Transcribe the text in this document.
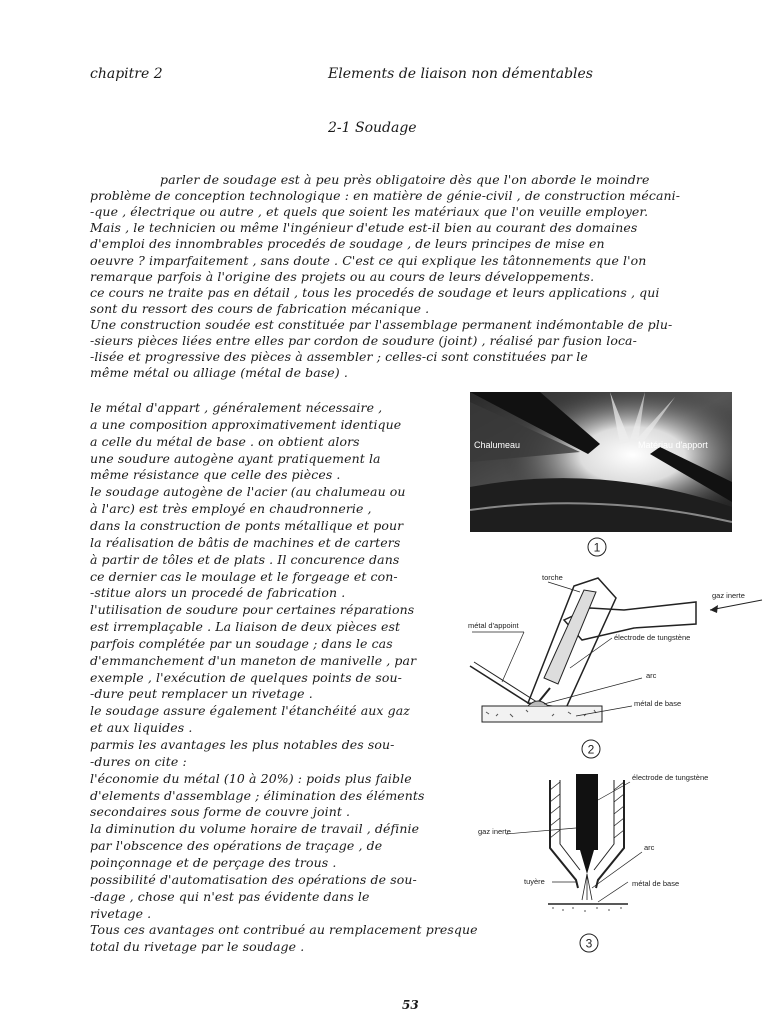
chapitre 2	Elements de liaison non démentables
2-1 Soudage
parler de soudage est à peu près obligatoire dès que l'on aborde le moindre
problème de conception technologique : en matière de génie-civil , de construction mécani-
-que , électrique ou autre , et quels que soient les matériaux que l'on veuille employer.
Mais , le technicien ou même l'ingénieur d'etude est-il bien au courant des domaines
d'emploi des innombrables procedés de soudage , de leurs principes de mise en
oeuvre ? imparfaitement , sans doute . C'est ce qui explique les tâtonnements que l'on
remarque parfois à l'origine des projets ou au cours de leurs développements.
ce cours ne traite pas en détail , tous les procedés de soudage et leurs applications , qui
sont du ressort des cours de fabrication mécanique .
Une construction soudée est constituée par l'assemblage permanent indémontable de plu-
-sieurs pièces liées entre elles par cordon de soudure (joint) , réalisé par fusion loca-
-lisée et progressive des pièces à assembler ; celles-ci sont constituées par le
même métal ou alliage (métal de base) .
le métal d'appart , généralement nécessaire ,
a une composition approximativement identique
a celle du métal de base . on obtient alors
une soudure autogène ayant pratiquement la
même résistance que celle des pièces .
le soudage autogène de l'acier (au chalumeau ou
à l'arc) est très employé en chaudronnerie ,
dans la construction de ponts métallique et pour
la réalisation de bâtis de machines et de carters
à partir de tôles et de plats . Il concurence dans
ce dernier cas le moulage et le forgeage et con-
-stitue alors un procedé de fabrication .
l'utilisation de soudure pour certaines réparations
est irremplaçable . La liaison de deux pièces est
parfois complétée par un soudage ; dans le cas
d'emmanchement d'un maneton de manivelle , par
exemple , l'exécution de quelques points de sou-
-dure peut remplacer un rivetage .
le soudage assure également l'étanchéité aux gaz
et aux liquides .
parmis les avantages les plus notables des sou-
-dures on cite :
l'économie du métal (10 à 20%) : poids plus faible
d'elements d'assemblage ; élimination des éléments
secondaires sous forme de couvre joint .
la diminution du volume horaire de travail , définie
par l'obscence des opérations de traçage , de
poinçonnage et de perçage des trous .
possibilité d'automatisation des opérations de sou-
-dage , chose qui n'est pas évidente dans le
rivetage .
Tous ces avantages ont contribué au remplacement presque
total du rivetage par le soudage .
Chalumeau	Matériau d'apport
1
torche
gaz inerte
métal d'appoint
électrode de tungstène
arc
métal de base
2
électrode de tungstène
gaz inerte
arc
tuyère	métal de base
3
53
